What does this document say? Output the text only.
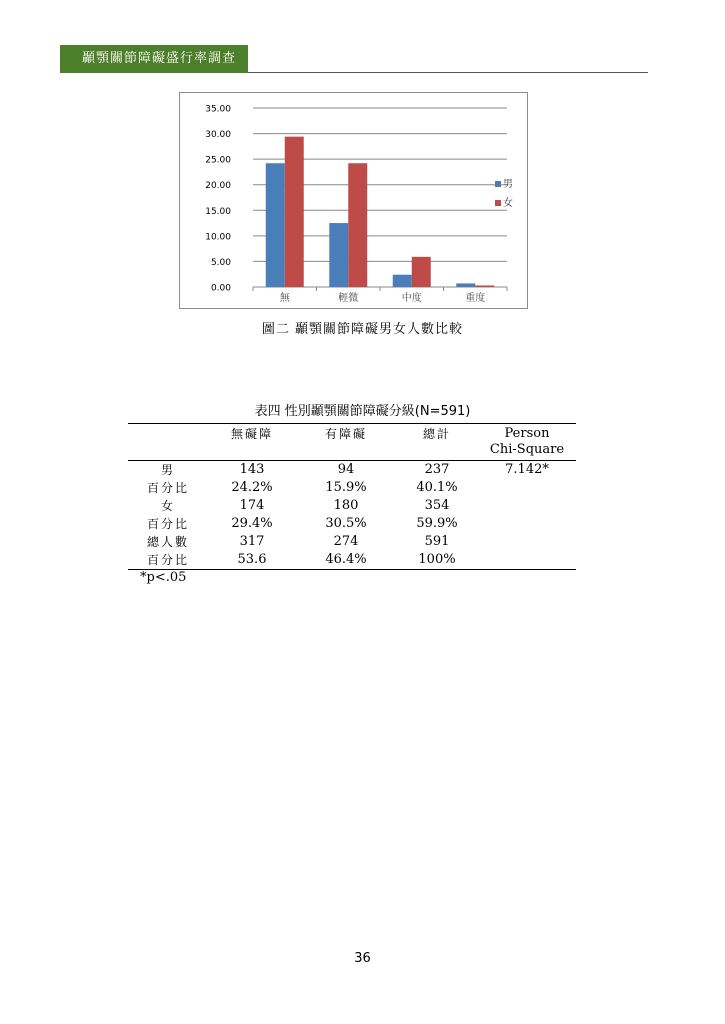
顳顎關節障礙盛行率調查
0.00
5.00
10.00
15.00
20.00
25.00
30.00
35.00
無	輕微	中度	重度
男
女
圖二 顳顎關節障礙男女人數比較
表四 性別顳顎關節障礙分級(N=591)
	無礙障	有障礙	總計	Person
Chi-Square

男	143	94	237	7.142*
百分比	24.2%	15.9%	40.1%	
女	174	180	354	
百分比	29.4%	30.5%	59.9%	
總人數	317	274	591	
百分比	53.6	46.4%	100%	
*p<.05
36
